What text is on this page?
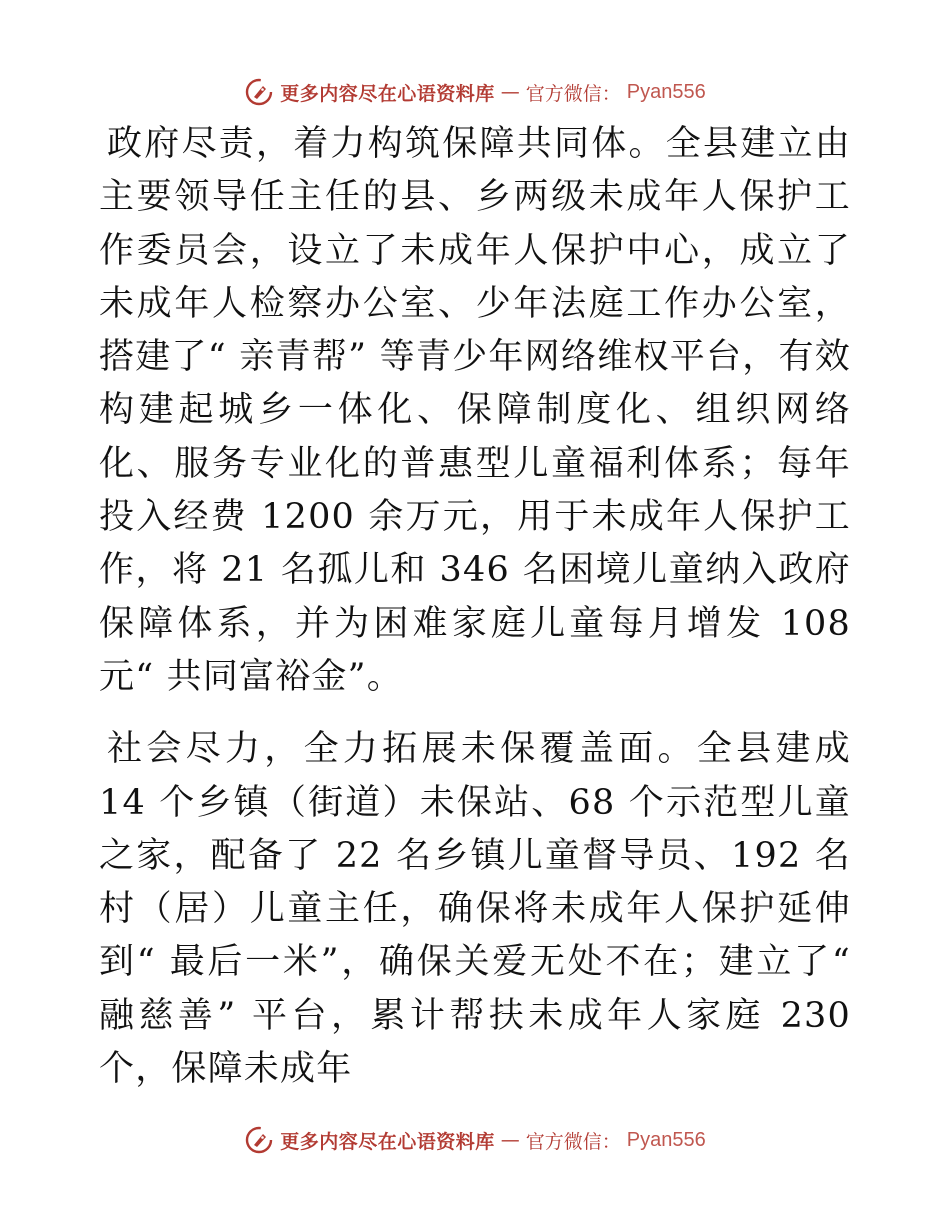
更多内容尽在心语资料库 — 官方微信： Pyan556

政府尽责，着力构筑保障共同体。全县建立由主要领导任主任的县、乡两级未成年人保护工作委员会，设立了未成年人保护中心，成立了未成年人检察办公室、少年法庭工作办公室，搭建了“ 亲青帮” 等青少年网络维权平台，有效构建起城乡一体化、保障制度化、组织网络化、服务专业化的普惠型儿童福利体系；每年投入经费 1200 余万元，用于未成年人保护工作，将 21 名孤儿和 346 名困境儿童纳入政府保障体系，并为困难家庭儿童每月增发 108 元“ 共同富裕金”。

社会尽力，全力拓展未保覆盖面。全县建成 14 个乡镇（街道）未保站、68 个示范型儿童之家，配备了 22 名乡镇儿童督导员、192 名村（居）儿童主任，确保将未成年人保护延伸到“ 最后一米”，确保关爱无处不在；建立了“ 融慈善” 平台，累计帮扶未成年人家庭 230 个，保障未成年

更多内容尽在心语资料库 — 官方微信： Pyan556
